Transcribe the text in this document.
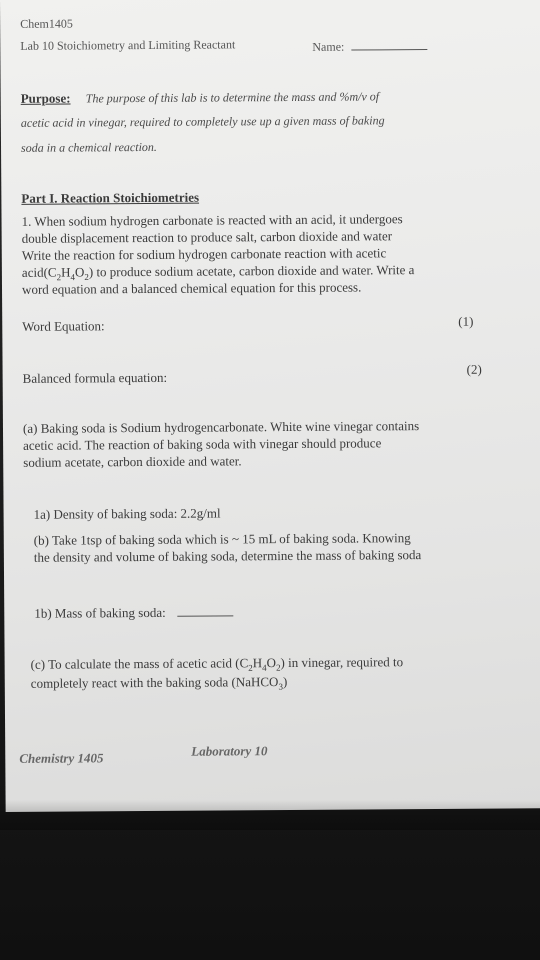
Chem1405
Lab 10 Stoichiometry and Limiting Reactant	Name:
Purpose: The purpose of this lab is to determine the mass and %m/v of
acetic acid in vinegar, required to completely use up a given mass of baking
soda in a chemical reaction.
Part I. Reaction Stoichiometries
1. When sodium hydrogen carbonate is reacted with an acid, it undergoes
double displacement reaction to produce salt, carbon dioxide and water
Write the reaction for sodium hydrogen carbonate reaction with acetic
$acid(C_2H_4O_2)$ to produce sodium acetate, carbon dioxide and water. Write a
word equation and a balanced chemical equation for this process.
Word Equation:	(1)
Balanced formula equation:
(2)
(a) Baking soda is Sodium hydrogencarbonate. White wine vinegar contains
acetic acid. The reaction of baking soda with vinegar should produce
sodium acetate, carbon dioxide and water.
1a) Density of baking soda: 2.2g/ml
(b) Take 1tsp of baking soda which is ~ 15 mL of baking soda. Knowing
the density and volume of baking soda, determine the mass of baking soda
1b) Mass of baking soda:
(c) To calculate the mass of acetic acid $(C_2H_4O_2)$ in vinegar, required to
completely react with the baking soda (NaHCO$_3$)
Chemistry 1405	Laboratory 10
